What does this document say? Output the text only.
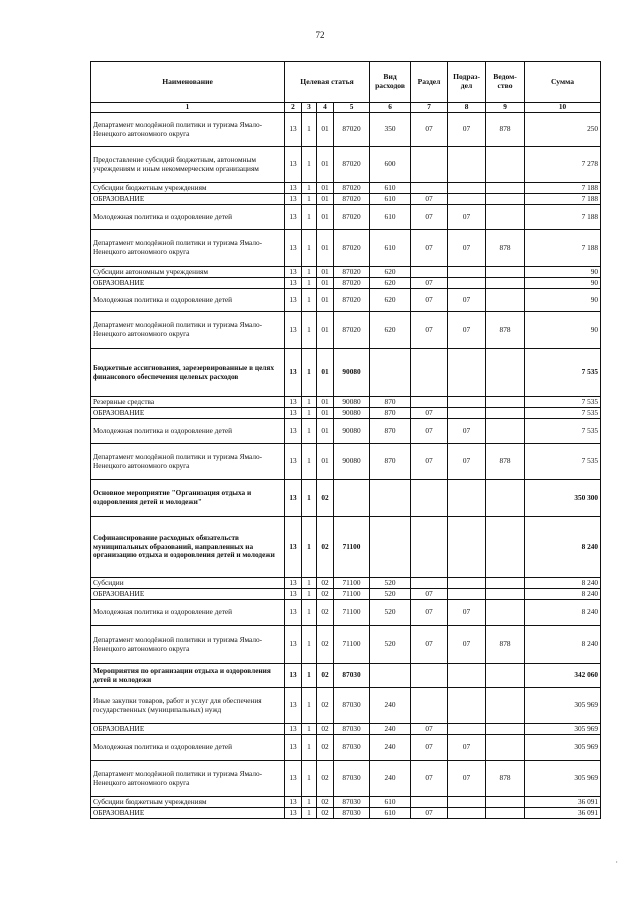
72
Наименование	Целевая статья				Вид расходов	Раздел	Подраз-дел	Ведом-ство	Сумма
1	2	3	4	5	6	7	8	9	10
Департамент молодёжной политики и туризма Ямало-Ненецкого автономного округа	13	1	01	87020	350	07	07	878	250
Предоставление субсидий бюджетным, автономным учреждениям и иным некоммерческим организациям	13	1	01	87020	600				7 278
Субсидии бюджетным учреждениям	13	1	01	87020	610				7 188
ОБРАЗОВАНИЕ	13	1	01	87020	610	07			7 188
Молодежная политика и оздоровление детей	13	1	01	87020	610	07	07		7 188
Департамент молодёжной политики и туризма Ямало-Ненецкого автономного округа	13	1	01	87020	610	07	07	878	7 188
Субсидии автономным учреждениям	13	1	01	87020	620				90
ОБРАЗОВАНИЕ	13	1	01	87020	620	07			90
Молодежная политика и оздоровление детей	13	1	01	87020	620	07	07		90
Департамент молодёжной политики и туризма Ямало-Ненецкого автономного округа	13	1	01	87020	620	07	07	878	90
Бюджетные ассигнования, зарезервированные в целях финансового обеспечения целевых расходов	13	1	01	90080					7 535
Резервные средства	13	1	01	90080	870				7 535
ОБРАЗОВАНИЕ	13	1	01	90080	870	07			7 535
Молодежная политика и оздоровление детей	13	1	01	90080	870	07	07		7 535
Департамент молодёжной политики и туризма Ямало-Ненецкого автономного округа	13	1	01	90080	870	07	07	878	7 535
Основное мероприятие "Организация отдыха и оздоровления детей и молодежи"	13	1	02						350 300
Софинансирование расходных обязательств муниципальных образований, направленных на организацию отдыха и оздоровления детей и молодежи	13	1	02	71100					8 240
Субсидии	13	1	02	71100	520				8 240
ОБРАЗОВАНИЕ	13	1	02	71100	520	07			8 240
Молодежная политика и оздоровление детей	13	1	02	71100	520	07	07		8 240
Департамент молодёжной политики и туризма Ямало-Ненецкого автономного округа	13	1	02	71100	520	07	07	878	8 240
Мероприятия по организации отдыха и оздоровления детей и молодежи	13	1	02	87030					342 060
Иные закупки товаров, работ и услуг для обеспечения государственных (муниципальных) нужд	13	1	02	87030	240				305 969
ОБРАЗОВАНИЕ	13	1	02	87030	240	07			305 969
Молодежная политика и оздоровление детей	13	1	02	87030	240	07	07		305 969
Департамент молодёжной политики и туризма Ямало-Ненецкого автономного округа	13	1	02	87030	240	07	07	878	305 969
Субсидии бюджетным учреждениям	13	1	02	87030	610				36 091
ОБРАЗОВАНИЕ	13	1	02	87030	610	07			36 091
·
